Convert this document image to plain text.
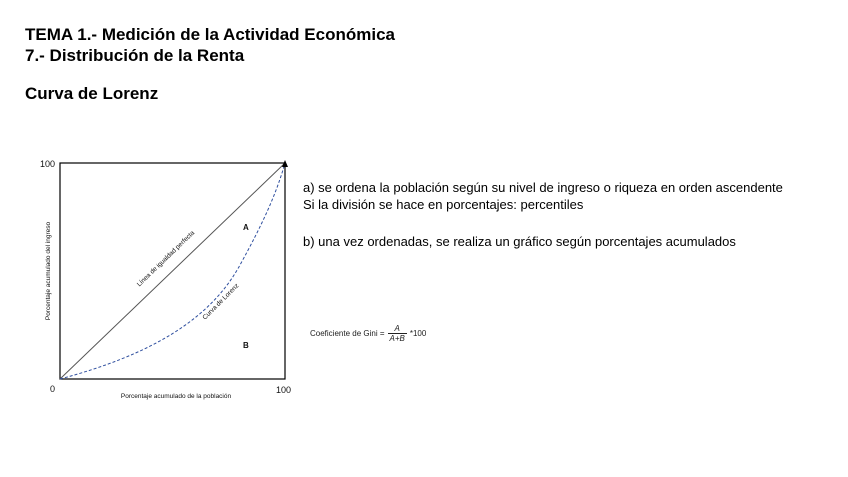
TEMA 1.- Medición de la Actividad Económica
7.- Distribución de la Renta
Curva de Lorenz
100
0	100
Porcentaje acumulado de la población
Porcentaje acumulado del ingreso	Línea de igualdad perfecta
Curva de Lorenz
A
B

a) se ordena la población según su nivel de ingreso o riqueza en orden ascendente

Si la división se hace en porcentajes: percentiles

b) una vez ordenadas, se realiza un gráfico según porcentajes acumulados

Coeficiente de Gini = $\frac{A}{A+B} *100$
